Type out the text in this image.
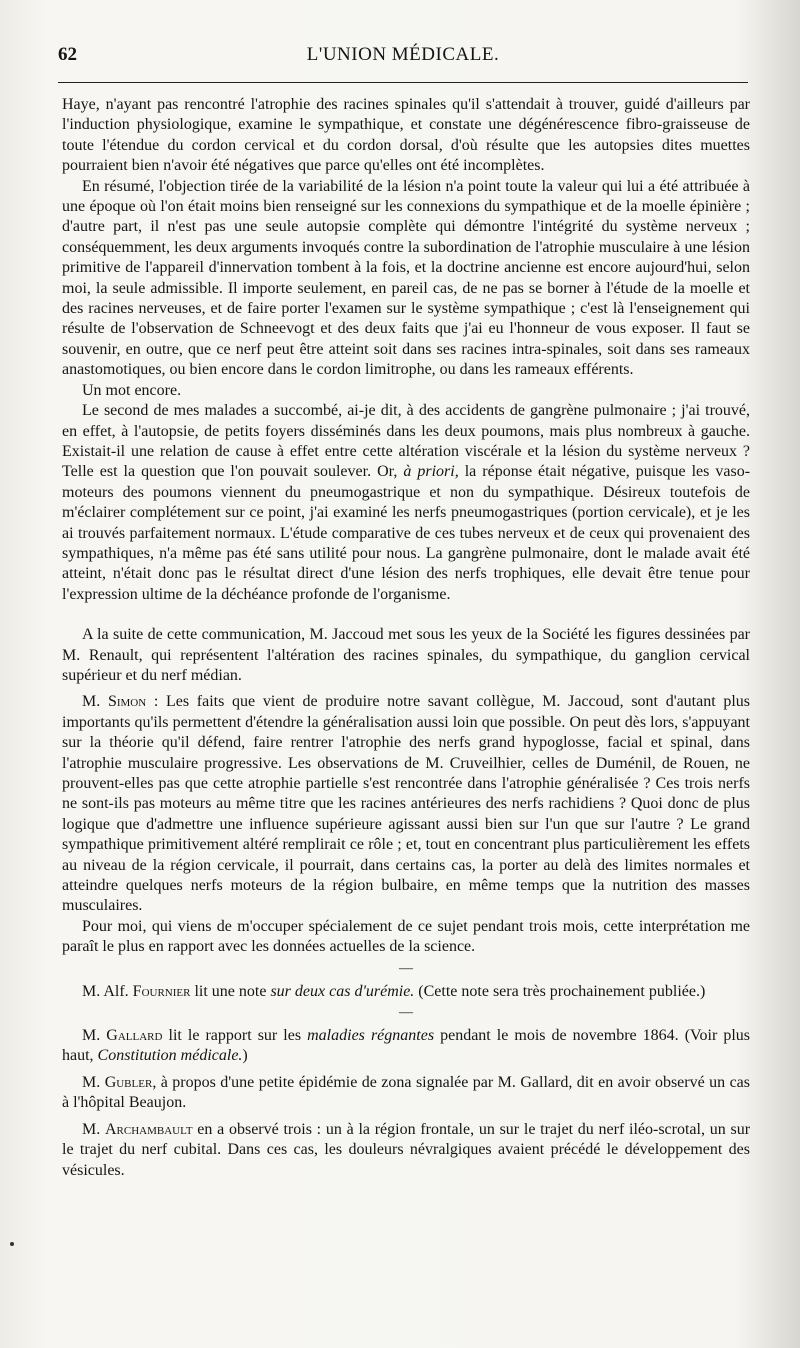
62	L'UNION MÉDICALE.

Haye, n'ayant pas rencontré l'atrophie des racines spinales qu'il s'attendait à trouver, guidé d'ailleurs par l'induction physiologique, examine le sympathique, et constate une dégénérescence fibro-graisseuse de toute l'étendue du cordon cervical et du cordon dorsal, d'où résulte que les autopsies dites muettes pourraient bien n'avoir été négatives que parce qu'elles ont été incomplètes.

En résumé, l'objection tirée de la variabilité de la lésion n'a point toute la valeur qui lui a été attribuée à une époque où l'on était moins bien renseigné sur les connexions du sympathique et de la moelle épinière ; d'autre part, il n'est pas une seule autopsie complète qui démontre l'intégrité du système nerveux ; conséquemment, les deux arguments invoqués contre la subordination de l'atrophie musculaire à une lésion primitive de l'appareil d'innervation tombent à la fois, et la doctrine ancienne est encore aujourd'hui, selon moi, la seule admissible. Il importe seulement, en pareil cas, de ne pas se borner à l'étude de la moelle et des racines nerveuses, et de faire porter l'examen sur le système sympathique ; c'est là l'enseignement qui résulte de l'observation de Schneevogt et des deux faits que j'ai eu l'honneur de vous exposer. Il faut se souvenir, en outre, que ce nerf peut être atteint soit dans ses racines intra-spinales, soit dans ses rameaux anastomotiques, ou bien encore dans le cordon limitrophe, ou dans les rameaux efférents.

Un mot encore.

Le second de mes malades a succombé, ai-je dit, à des accidents de gangrène pulmonaire ; j'ai trouvé, en effet, à l'autopsie, de petits foyers disséminés dans les deux poumons, mais plus nombreux à gauche. Existait-il une relation de cause à effet entre cette altération viscérale et la lésion du système nerveux ? Telle est la question que l'on pouvait soulever. Or, à priori, la réponse était négative, puisque les vaso-moteurs des poumons viennent du pneumogastrique et non du sympathique. Désireux toutefois de m'éclairer complétement sur ce point, j'ai examiné les nerfs pneumogastriques (portion cervicale), et je les ai trouvés parfaitement normaux. L'étude comparative de ces tubes nerveux et de ceux qui provenaient des sympathiques, n'a même pas été sans utilité pour nous. La gangrène pulmonaire, dont le malade avait été atteint, n'était donc pas le résultat direct d'une lésion des nerfs trophiques, elle devait être tenue pour l'expression ultime de la déchéance profonde de l'organisme.

A la suite de cette communication, M. Jaccoud met sous les yeux de la Société les figures dessinées par M. Renault, qui représentent l'altération des racines spinales, du sympathique, du ganglion cervical supérieur et du nerf médian.

M. Simon : Les faits que vient de produire notre savant collègue, M. Jaccoud, sont d'autant plus importants qu'ils permettent d'étendre la généralisation aussi loin que possible. On peut dès lors, s'appuyant sur la théorie qu'il défend, faire rentrer l'atrophie des nerfs grand hypoglosse, facial et spinal, dans l'atrophie musculaire progressive. Les observations de M. Cruveilhier, celles de Duménil, de Rouen, ne prouvent-elles pas que cette atrophie partielle s'est rencontrée dans l'atrophie généralisée ? Ces trois nerfs ne sont-ils pas moteurs au même titre que les racines antérieures des nerfs rachidiens ? Quoi donc de plus logique que d'admettre une influence supérieure agissant aussi bien sur l'un que sur l'autre ? Le grand sympathique primitivement altéré remplirait ce rôle ; et, tout en concentrant plus particulièrement les effets au niveau de la région cervicale, il pourrait, dans certains cas, la porter au delà des limites normales et atteindre quelques nerfs moteurs de la région bulbaire, en même temps que la nutrition des masses musculaires.

Pour moi, qui viens de m'occuper spécialement de ce sujet pendant trois mois, cette interprétation me paraît le plus en rapport avec les données actuelles de la science.

—

M. Alf. Fournier lit une note sur deux cas d'urémie. (Cette note sera très prochainement publiée.)

—

M. Gallard lit le rapport sur les maladies régnantes pendant le mois de novembre 1864. (Voir plus haut, Constitution médicale.)

M. Gubler, à propos d'une petite épidémie de zona signalée par M. Gallard, dit en avoir observé un cas à l'hôpital Beaujon.

M. Archambault en a observé trois : un à la région frontale, un sur le trajet du nerf iléo-scrotal, un sur le trajet du nerf cubital. Dans ces cas, les douleurs névralgiques avaient précédé le développement des vésicules.
